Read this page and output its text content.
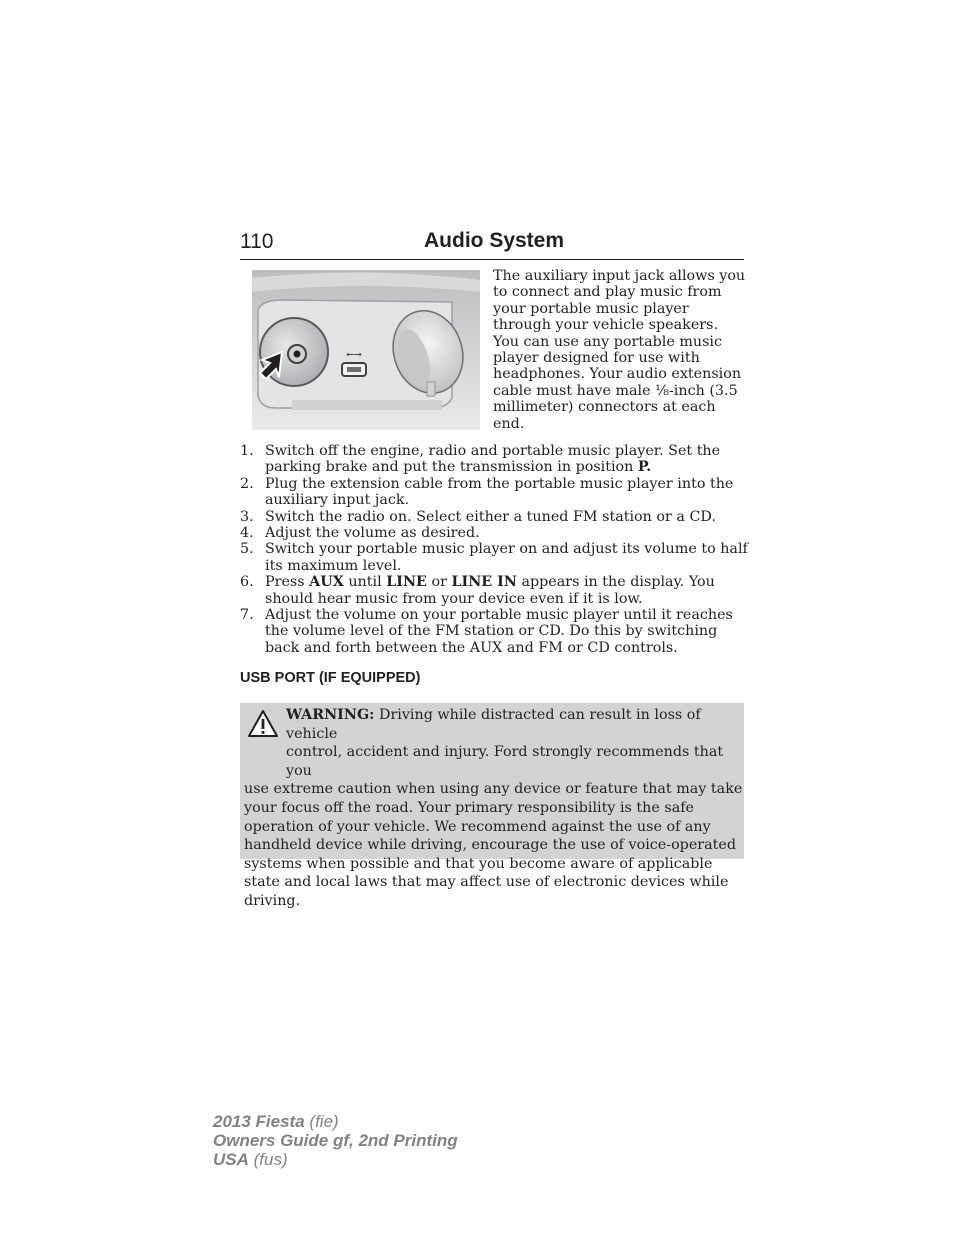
110	Audio System
⭠⭢
The auxiliary input jack allows you to connect and play music from your portable music player through your vehicle speakers. You can use any portable music player designed for use with headphones. Your audio extension cable must have male ⅛-inch (3.5 millimeter) connectors at each end.
1. Switch off the engine, radio and portable music player. Set the parking brake and put the transmission in position P.
2. Plug the extension cable from the portable music player into the auxiliary input jack.
3. Switch the radio on. Select either a tuned FM station or a CD.
4. Adjust the volume as desired.
5. Switch your portable music player on and adjust its volume to half its maximum level.
6. Press AUX until LINE or LINE IN appears in the display. You should hear music from your device even if it is low.
7. Adjust the volume on your portable music player until it reaches the volume level of the FM station or CD. Do this by switching back and forth between the AUX and FM or CD controls.
USB PORT (IF EQUIPPED)
WARNING: Driving while distracted can result in loss of vehicle
control, accident and injury. Ford strongly recommends that you
use extreme caution when using any device or feature that may take your focus off the road. Your primary responsibility is the safe operation of your vehicle. We recommend against the use of any handheld device while driving, encourage the use of voice-operated systems when possible and that you become aware of applicable state and local laws that may affect use of electronic devices while driving.
2013 Fiesta (fie)
Owners Guide gf, 2nd Printing
USA (fus)
